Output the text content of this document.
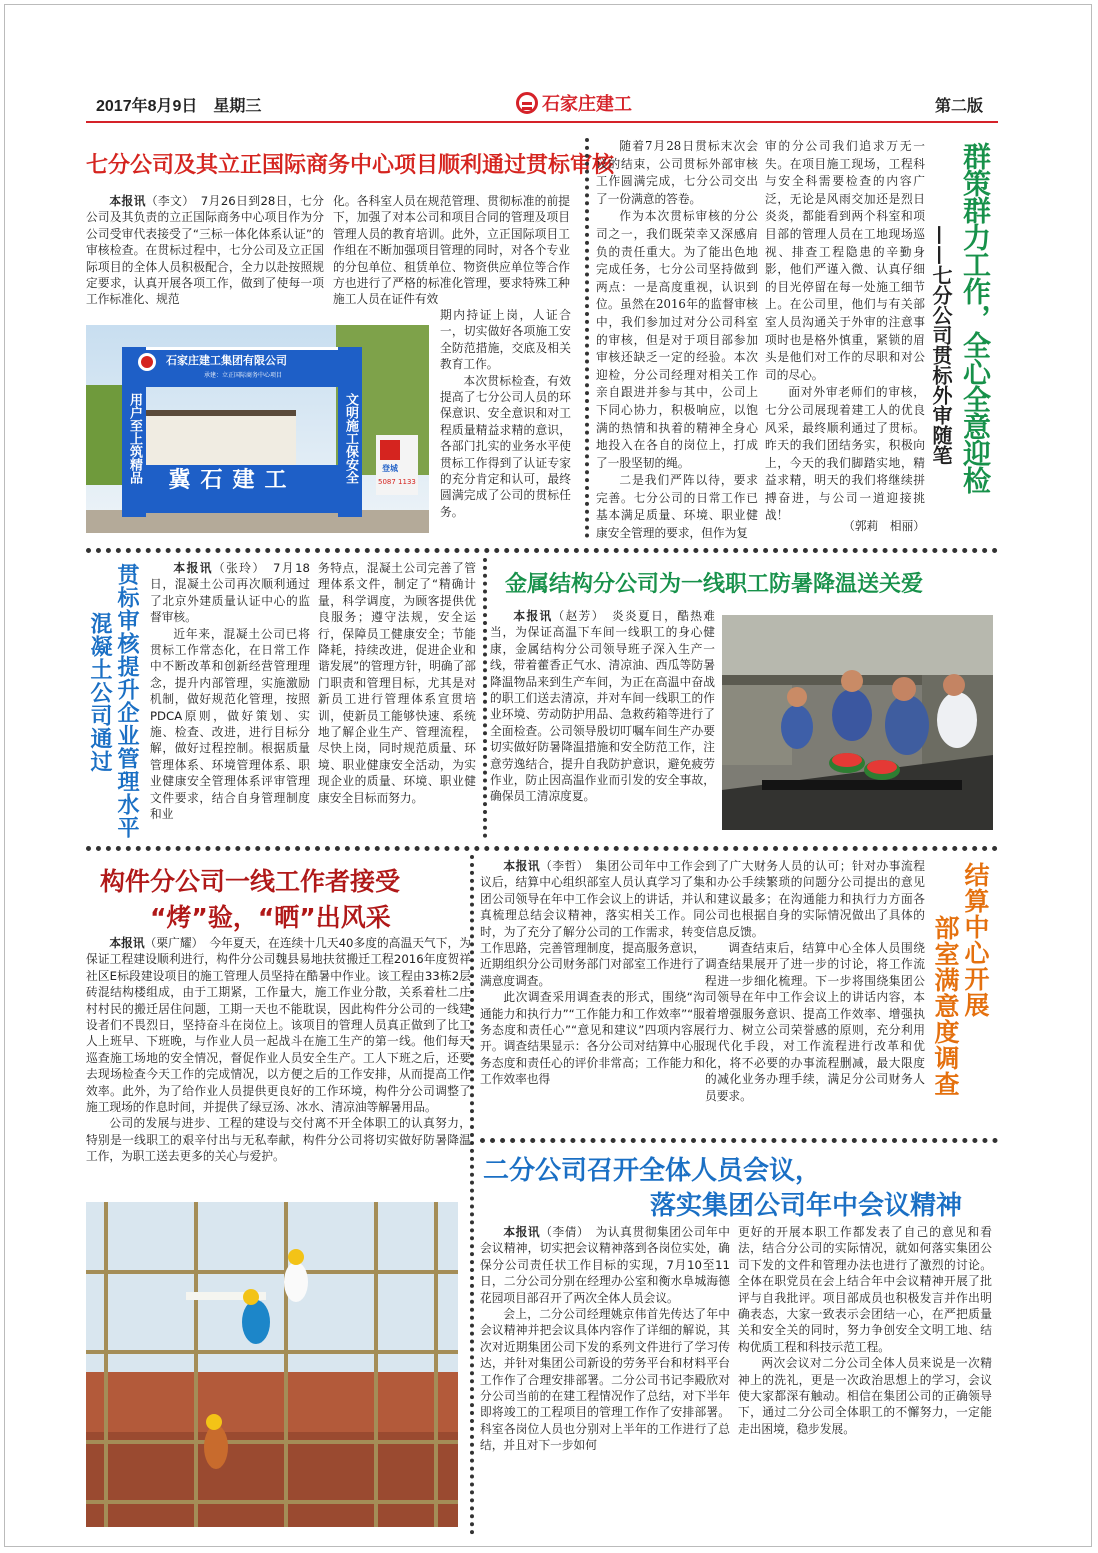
2017年8月9日　星期三	石家庄建工	第二版
七分公司及其立正国际商务中心项目顺利通过贯标审核

本报讯（李文）　 7月26日到28日，七分公司及其负责的立正国际商务中心项目作为分公司受审代表接受了“三标一体化体系认证”的审核检查。在贯标过程中，七分公司及立正国际项目的全体人员积极配合，全力以赴按照规定要求，认真开展各项工作，做到了使每一项工作标准化、规范

化。各科室人员在规范管理、贯彻标准的前提下，加强了对本公司和项目合同的管理及项目管理人员的教育培训。此外，立正国际项目工作组在不断加强项目管理的同时，对各个专业的分包单位、租赁单位、物资供应单位等合作方也进行了严格的标准化管理，要求特殊工种施工人员在证件有效

期内持证上岗，人证合一，切实做好各项施工安全防范措施，交底及相关教育工作。

本次贯标检查，有效提高了七分公司人员的环保意识、安全意识和对工程质量精益求精的意识，各部门扎实的业务水平使贯标工作得到了认证专家的充分肯定和认可，最终圆满完成了公司的贯标任务。

石家庄建工集团有限公司
承建：立正国际商务中心项目
用户至上筑精品	文明施工保安全
冀石建工	登城
5087 1133

随着7月28日贯标末次会议的结束，公司贯标外部审核工作圆满完成，七分公司交出了一份满意的答卷。

作为本次贯标审核的分公司之一，我们既荣幸又深感肩负的责任重大。为了能出色地完成任务，七分公司坚持做到两点：一是高度重视，认识到位。虽然在2016年的监督审核中，我们参加过对分公司科室的审核，但是对于项目部参加审核还缺乏一定的经验。本次迎检，分公司经理对相关工作亲自跟进并参与其中，公司上下同心协力，积极响应，以饱满的热情和执着的精神全身心地投入在各自的岗位上，打成了一股坚韧的绳。

二是我们严阵以待，要求完善。七分公司的日常工作已基本满足质量、环境、职业健康安全管理的要求，但作为复

审的分公司我们追求万无一失。在项目施工现场，工程科与安全科需要检查的内容广泛，无论是风雨交加还是烈日炎炎，都能看到两个科室和项目部的管理人员在工地现场巡视、排查工程隐患的辛勤身影，他们严谨入微、认真仔细的目光停留在每一处施工细节上。在公司里，他们与有关部室人员沟通关于外审的注意事项时也是格外慎重，紧锁的眉头是他们对工作的尽职和对公司的尽心。

面对外审老师们的审核，七分公司展现着建工人的优良风采，最终顺利通过了贯标。昨天的我们团结务实，积极向上，今天的我们脚踏实地，精益求精，明天的我们将继续拼搏奋进，与公司一道迎接挑战！

（郭莉　相丽）
群策群力工作，全心全意迎检
——七分公司贯标外审随笔
贯标审核提升企业管理水平
混凝土公司通过

本报讯（张玲）　 7月18日，混凝土公司再次顺利通过了北京外建质量认证中心的监督审核。

近年来，混凝土公司已将贯标工作常态化，在日常工作中不断改革和创新经营管理理念，提升内部管理，实施激励机制，做好规范化管理，按照PDCA原则，做好策划、实施、检查、改进，进行目标分解，做好过程控制。根据质量管理体系、环境管理体系、职业健康安全管理体系评审管理文件要求，结合自身管理制度和业

务特点，混凝土公司完善了管理体系文件，制定了“精确计量，科学调度，为顾客提供优良服务；遵守法规，安全运行，保障员工健康安全；节能降耗，持续改进，促进企业和谐发展”的管理方针，明确了部门职责和管理目标，尤其是对新员工进行管理体系宣贯培训，使新员工能够快速、系统地了解企业生产、管理流程，尽快上岗，同时规范质量、环境、职业健康安全活动，为实现企业的质量、环境、职业健康安全目标而努力。

金属结构分公司为一线职工防暑降温送关爱

本报讯（赵芳）　 炎炎夏日，酷热难当，为保证高温下车间一线职工的身心健康，金属结构分公司领导班子深入生产一线，带着藿香正气水、清凉油、西瓜等防暑降温物品来到生产车间，为正在高温中奋战的职工们送去清凉，并对车间一线职工的作业环境、劳动防护用品、急救药箱等进行了全面检查。公司领导殷切叮嘱车间生产办要切实做好防暑降温措施和安全防范工作，注意劳逸结合，提升自我防护意识，避免疲劳作业，防止因高温作业而引发的安全事故，确保员工清凉度夏。

构件分公司一线工作者接受
“烤”验，“晒”出风采

本报讯（栗广耀）　 今年夏天，在连续十几天40多度的高温天气下，为保证工程建设顺利进行，构件分公司魏县易地扶贫搬迁工程2016年度贺祥社区E标段建设项目的施工管理人员坚持在酷暑中作业。该工程由33栋2层砖混结构楼组成，由于工期紧，工作量大，施工作业分散，关系着杜二庄村村民的搬迁居住问题，工期一天也不能耽误，因此构件分公司的一线建设者们不畏烈日，坚持奋斗在岗位上。该项目的管理人员真正做到了比工人上班早、下班晚，与作业人员一起战斗在施工生产的第一线。他们每天巡查施工场地的安全情况，督促作业人员安全生产。工人下班之后，还要去现场检查今天工作的完成情况，以方便之后的工作安排，从而提高工作效率。此外，为了给作业人员提供更良好的工作环境，构件分公司调整了施工现场的作息时间，并提供了绿豆汤、冰水、清凉油等解暑用品。

公司的发展与进步、工程的建设与交付离不开全体职工的认真努力，特别是一线职工的艰辛付出与无私奉献，构件分公司将切实做好防暑降温工作，为职工送去更多的关心与爱护。

本报讯（李哲）　 集团公司年中工作会议后，结算中心组织部室人员认真学习了集团公司领导在年中工作会议上的讲话，并认真梳理总结会议精神，落实相关工作。同时，为了充分了解分公司的工作需求，转变工作思路，完善管理制度，提高服务意识，近期组织分公司财务部门对部室工作进行了满意度调查。

此次调查采用调查表的形式，围绕“沟通能力和执行力”“工作能力和工作效率”“服务态度和责任心”“意见和建议”四项内容展开。调查结果显示：各分公司对结算中心服务态度和责任心的评价非常高；工作能力和工作效率也得

到了广大财务人员的认可；针对办事流程和办公手续繁琐的问题分公司提出的意见和建议最多；在沟通能力和执行力方面各公司也根据自身的实际情况做出了具体的信息反馈。

调查结束后，结算中心全体人员围绕调查结果展开了进一步的讨论，将工作流程进一步细化梳理。下一步将围绕集团公司领导在年中工作会议上的讲话内容，本着增强服务意识、提高工作效率、增强执行力、树立公司荣誉感的原则，充分利用现代化手段，对工作流程进行改革和优化，将不必要的办事流程删减，最大限度的减化业务办理手续，满足分公司财务人员要求。

结算中心开展
部室满意度调查
二分公司召开全体人员会议，
落实集团公司年中会议精神

本报讯（李倩）　 为认真贯彻集团公司年中会议精神，切实把会议精神落到各岗位实处，确保分公司责任状工作目标的实现，7月10至11日，二分公司分别在经理办公室和衡水阜城海德花园项目部召开了两次全体人员会议。

会上，二分公司经理姚京伟首先传达了年中会议精神并把会议具体内容作了详细的解说，其次对近期集团公司下发的系列文件进行了学习传达，并针对集团公司新设的劳务平台和材料平台工作作了合理安排部署。二分公司书记李殿欣对分公司当前的在建工程情况作了总结，对下半年即将竣工的工程项目的管理工作作了安排部署。科室各岗位人员也分别对上半年的工作进行了总结，并且对下一步如何

更好的开展本职工作都发表了自己的意见和看法，结合分公司的实际情况，就如何落实集团公司下发的文件和管理办法也进行了激烈的讨论。全体在职党员在会上结合年中会议精神开展了批评与自我批评。项目部成员也积极发言并作出明确表态，大家一致表示会团结一心，在严把质量关和安全关的同时，努力争创安全文明工地、结构优质工程和科技示范工程。

两次会议对二分公司全体人员来说是一次精神上的洗礼，更是一次政治思想上的学习，会议使大家都深有触动。相信在集团公司的正确领导下，通过二分公司全体职工的不懈努力，一定能走出困境，稳步发展。
